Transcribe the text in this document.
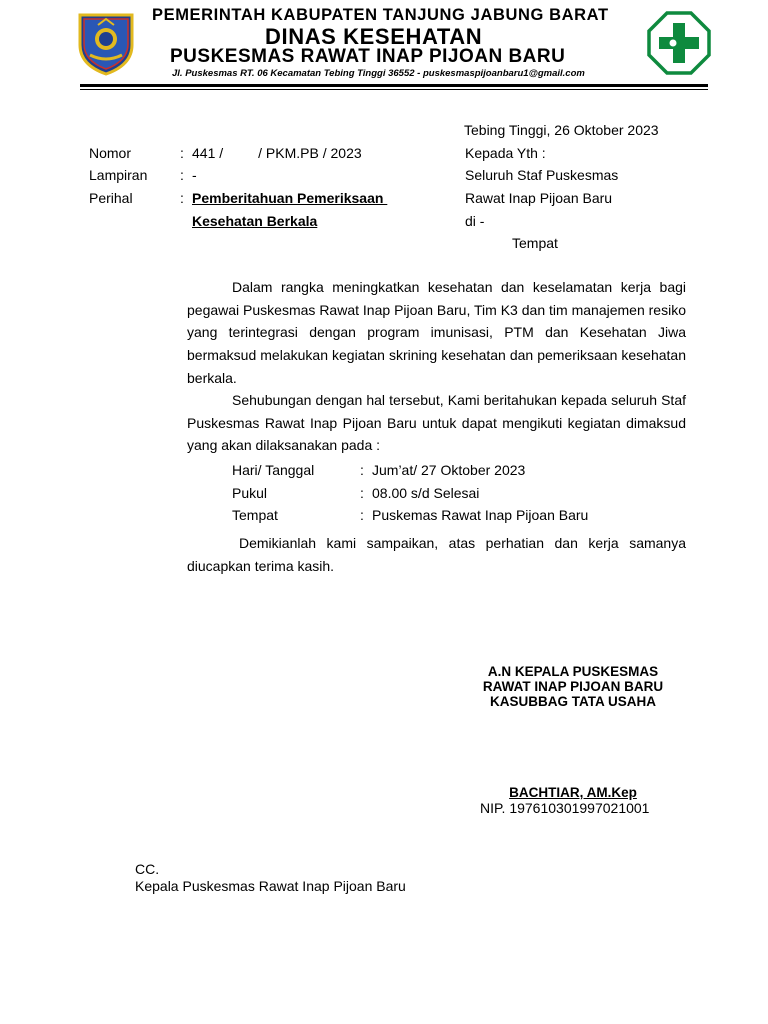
PEMERINTAH KABUPATEN TANJUNG JABUNG BARAT
DINAS KESEHATAN
PUSKESMAS RAWAT INAP PIJOAN BARU
Jl. Puskesmas RT. 06 Kecamatan Tebing Tinggi 36552 - puskesmaspijoanbaru1@gmail.com
Tebing Tinggi, 26 Oktober 2023
Nomor	: 441 /         / PKM.PB / 2023
Lampiran : -
Perihal	: Pemberitahuan Pemeriksaan
Kesehatan Berkala
Kepada Yth :
Seluruh Staf Puskesmas
Rawat Inap Pijoan Baru
di -
Tempat
Dalam rangka meningkatkan kesehatan dan keselamatan kerja bagi pegawai Puskesmas Rawat Inap Pijoan Baru, Tim K3 dan tim manajemen resiko yang terintegrasi dengan program imunisasi, PTM dan Kesehatan Jiwa bermaksud melakukan kegiatan skrining kesehatan dan pemeriksaan kesehatan berkala.
Sehubungan dengan hal tersebut, Kami beritahukan kepada seluruh Staf Puskesmas Rawat Inap Pijoan Baru untuk dapat mengikuti kegiatan dimaksud yang akan dilaksanakan pada :
Hari/ Tanggal	: Jum’at/ 27 Oktober 2023
Pukul	: 08.00 s/d Selesai
Tempat	: Puskemas Rawat Inap Pijoan Baru
Demikianlah kami sampaikan, atas perhatian dan kerja samanya diucapkan terima kasih.
A.N KEPALA PUSKESMAS
RAWAT INAP PIJOAN BARU
KASUBBAG TATA USAHA
BACHTIAR, AM.Kep
NIP. 197610301997021001
CC.
Kepala Puskesmas Rawat Inap Pijoan Baru
